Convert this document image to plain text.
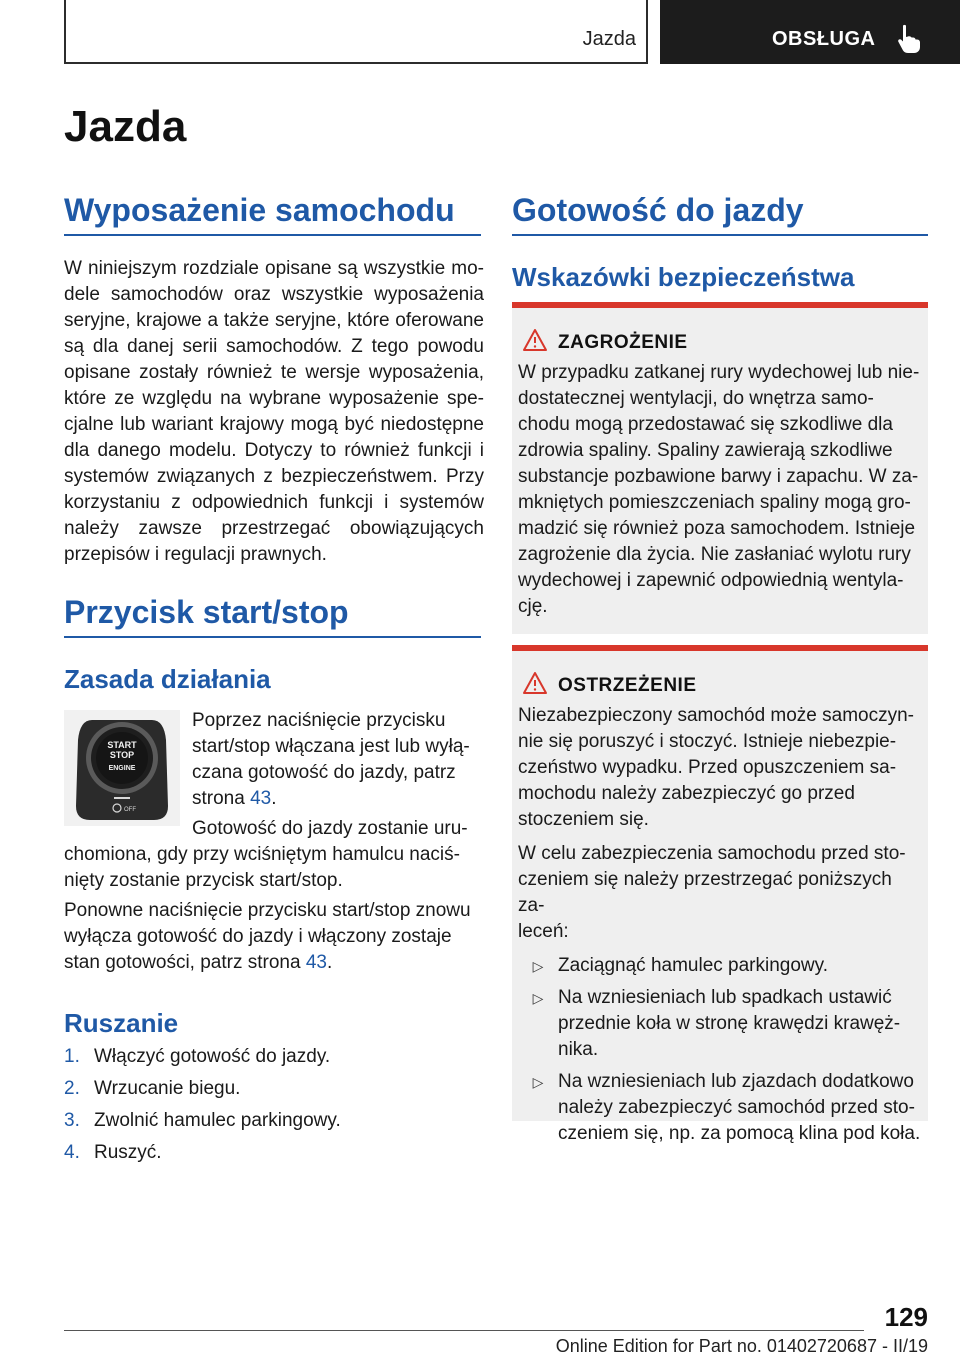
Jazda	OBSŁUGA
Jazda
Wyposażenie samochodu
W niniejszym rozdziale opisane są wszystkie mo-dele samochodów oraz wszystkie wyposażenia seryjne, krajowe a także seryjne, które oferowane są dla danej serii samochodów. Z tego powodu opisane zostały również te wersje wyposażenia, które ze względu na wybrane wyposażenie spe-cjalne lub wariant krajowy mogą być niedostępne dla danego modelu. Dotyczy to również funkcji i systemów związanych z bezpieczeństwem. Przy korzystaniu z odpowiednich funkcji i systemów należy zawsze przestrzegać obowiązujących przepisów i regulacji prawnych.
Przycisk start/stop
Zasada działania
START
STOP
ENGINE
OFF
Poprzez naciśnięcie przycisku
start/stop włączana jest lub wyłą-
czana gotowość do jazdy, patrz
strona 43.
Gotowość do jazdy zostanie uru-
chomiona, gdy przy wciśniętym hamulcu naciś-
nięty zostanie przycisk start/stop.
Ponowne naciśnięcie przycisku start/stop znowu
wyłącza gotowość do jazdy i włączony zostaje
stan gotowości, patrz strona 43.
Ruszanie
1. Włączyć gotowość do jazdy.
2. Wrzucanie biegu.
3. Zwolnić hamulec parkingowy.
4. Ruszyć.
Gotowość do jazdy
Wskazówki bezpieczeństwa
ZAGROŻENIE
W przypadku zatkanej rury wydechowej lub nie-
dostatecznej wentylacji, do wnętrza samo-
chodu mogą przedostawać się szkodliwe dla
zdrowia spaliny. Spaliny zawierają szkodliwe
substancje pozbawione barwy i zapachu. W za-
mkniętych pomieszczeniach spaliny mogą gro-
madzić się również poza samochodem. Istnieje
zagrożenie dla życia. Nie zasłaniać wylotu rury
wydechowej i zapewnić odpowiednią wentyla-
cję.
OSTRZEŻENIE
Niezabezpieczony samochód może samoczyn-
nie się poruszyć i stoczyć. Istnieje niebezpie-
czeństwo wypadku. Przed opuszczeniem sa-
mochodu należy zabezpieczyć go przed
stoczeniem się.
W celu zabezpieczenia samochodu przed sto-
czeniem się należy przestrzegać poniższych za-
leceń:
▷ Zaciągnąć hamulec parkingowy.
▷ Na wzniesieniach lub spadkach ustawić
przednie koła w stronę krawędzi krawęż-
nika.
▷ Na wzniesieniach lub zjazdach dodatkowo
należy zabezpieczyć samochód przed sto-
czeniem się, np. za pomocą klina pod koła.
129
Online Edition for Part no. 01402720687 - II/19
